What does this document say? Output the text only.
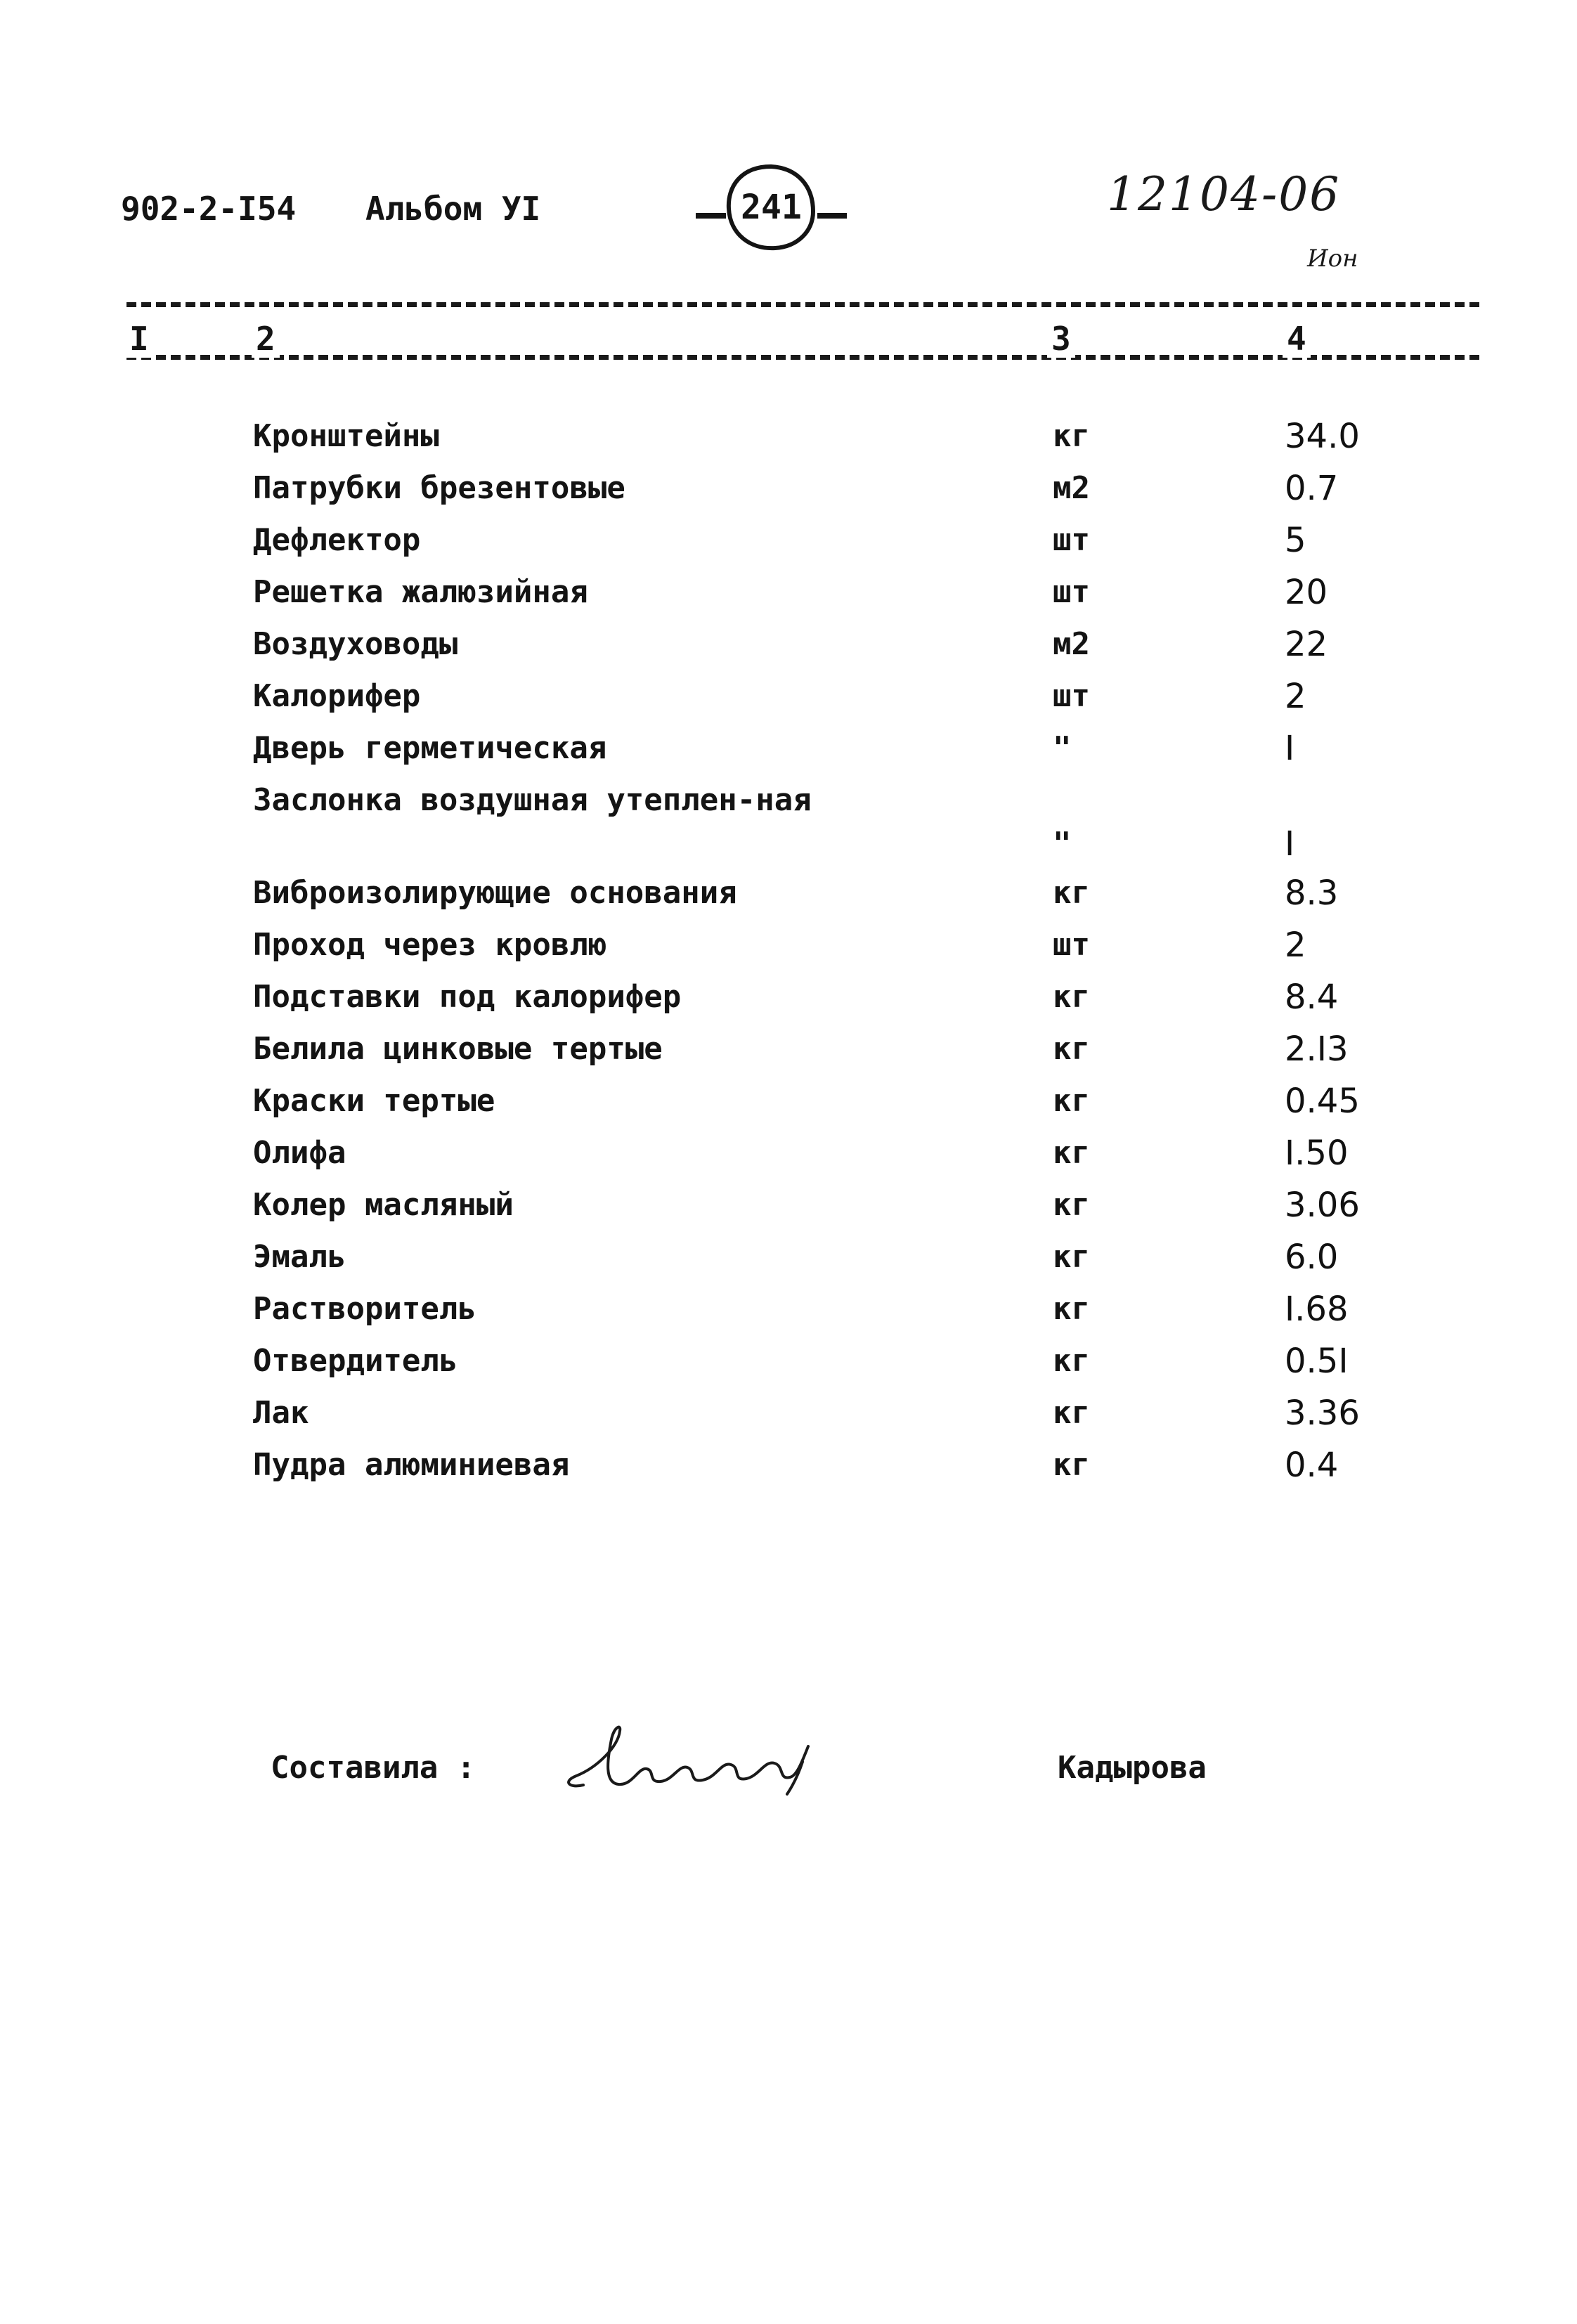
902-2-I54 Альбом УI	241	12104-06
Ион
I	2	3	4
Кронштейны	кг	34.0
Патрубки брезентовые	м2	0.7
Дефлектор	шт	5
Решетка жалюзийная	шт	20
Воздуховоды	м2	22
Калорифер	шт	2
Дверь герметическая	"	I
Заслонка воздушная утеплен-ная
"	I
Виброизолирующие основания	кг	8.3
Проход через кровлю	шт	2
Подставки под калорифер	кг	8.4
Белила цинковые тертые	кг	2.I3
Краски тертые	кг	0.45
Олифа	кг	I.50
Колер масляный	кг	3.06
Эмаль	кг	6.0
Растворитель	кг	I.68
Отвердитель	кг	0.5I
Лак	кг	3.36
Пудра алюминиевая	кг	0.4
Составила :	Кадырова
